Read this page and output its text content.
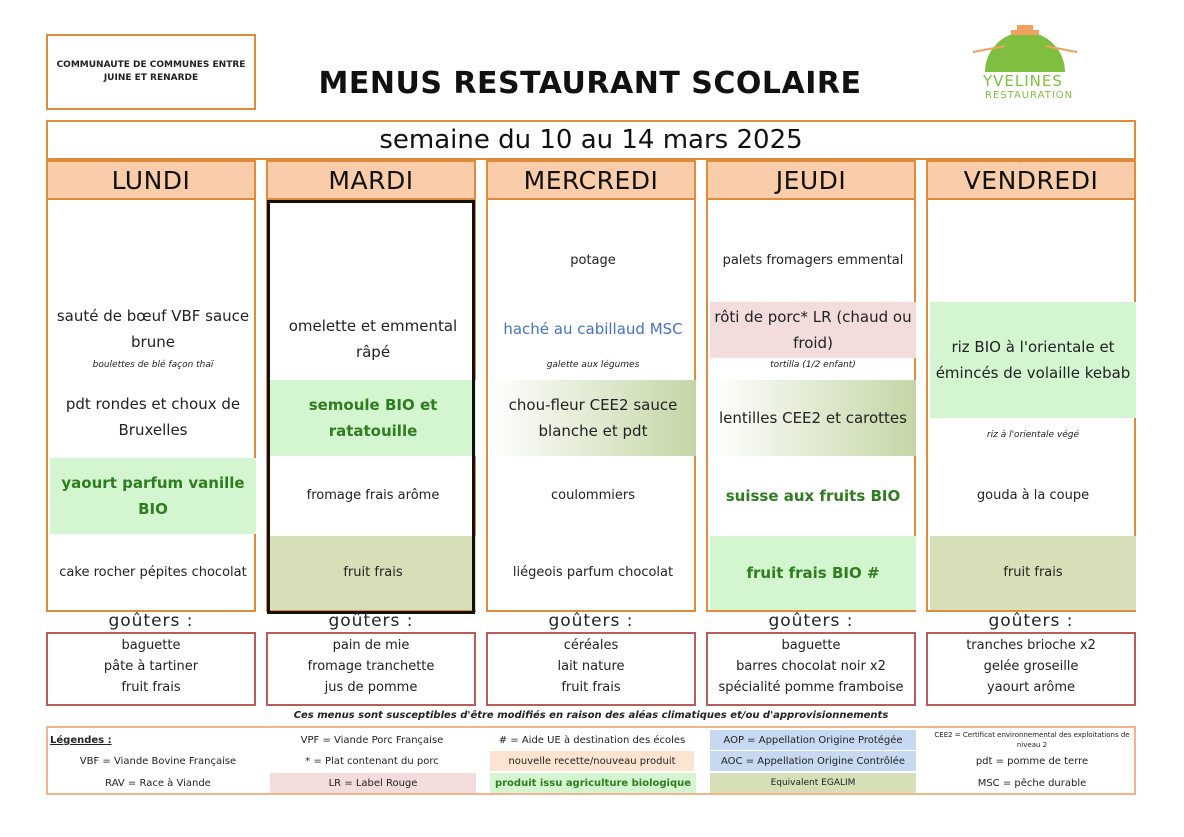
COMMUNAUTE DE COMMUNES ENTRE JUINE ET RENARDE	MENUS RESTAURANT SCOLAIRE	YVELINES
RESTAURATION
semaine du 10 au 14 mars 2025
LUNDI
sauté de bœuf VBF sauce brune
boulettes de blé façon thaï
pdt rondes et choux de Bruxelles
yaourt parfum vanille BIO
cake rocher pépites chocolat
MARDI
omelette et emmental râpé
semoule BIO et ratatouille
fromage frais arôme
fruit frais
MERCREDI
potage
haché au cabillaud MSC
galette aux légumes
chou-fleur CEE2 sauce blanche et pdt
coulommiers
liégeois parfum chocolat
JEUDI
palets fromagers emmental
rôti de porc* LR (chaud ou froid)
tortilla (1/2 enfant)
lentilles CEE2 et carottes
suisse aux fruits BIO
fruit frais BIO #
VENDREDI
riz BIO à l'orientale et émincés de volaille kebab
riz à l'orientale végé
gouda à la coupe
fruit frais
goûters :
baguette
pâte à tartiner
fruit frais
goûters :
pain de mie
fromage tranchette
jus de pomme
goûters :
céréales
lait nature
fruit frais
goûters :
baguette
barres chocolat noir x2
spécialité pomme framboise
goûters :
tranches brioche x2
gelée groseille
yaourt arôme
Ces menus sont susceptibles d'être modifiés en raison des aléas climatiques et/ou d'approvisionnements
Légendes :	VPF = Viande Porc Française	# = Aide UE à destination des écoles	AOP = Appellation Origine Protégée	CEE2 = Certificat environnemental des exploitations de niveau 2
VBF = Viande Bovine Française	* = Plat contenant du porc	nouvelle recette/nouveau produit	AOC = Appellation Origine Contrôlée	pdt = pomme de terre
RAV = Race à Viande	LR = Label Rouge	produit issu agriculture biologique	Equivalent EGALIM	MSC = pêche durable
